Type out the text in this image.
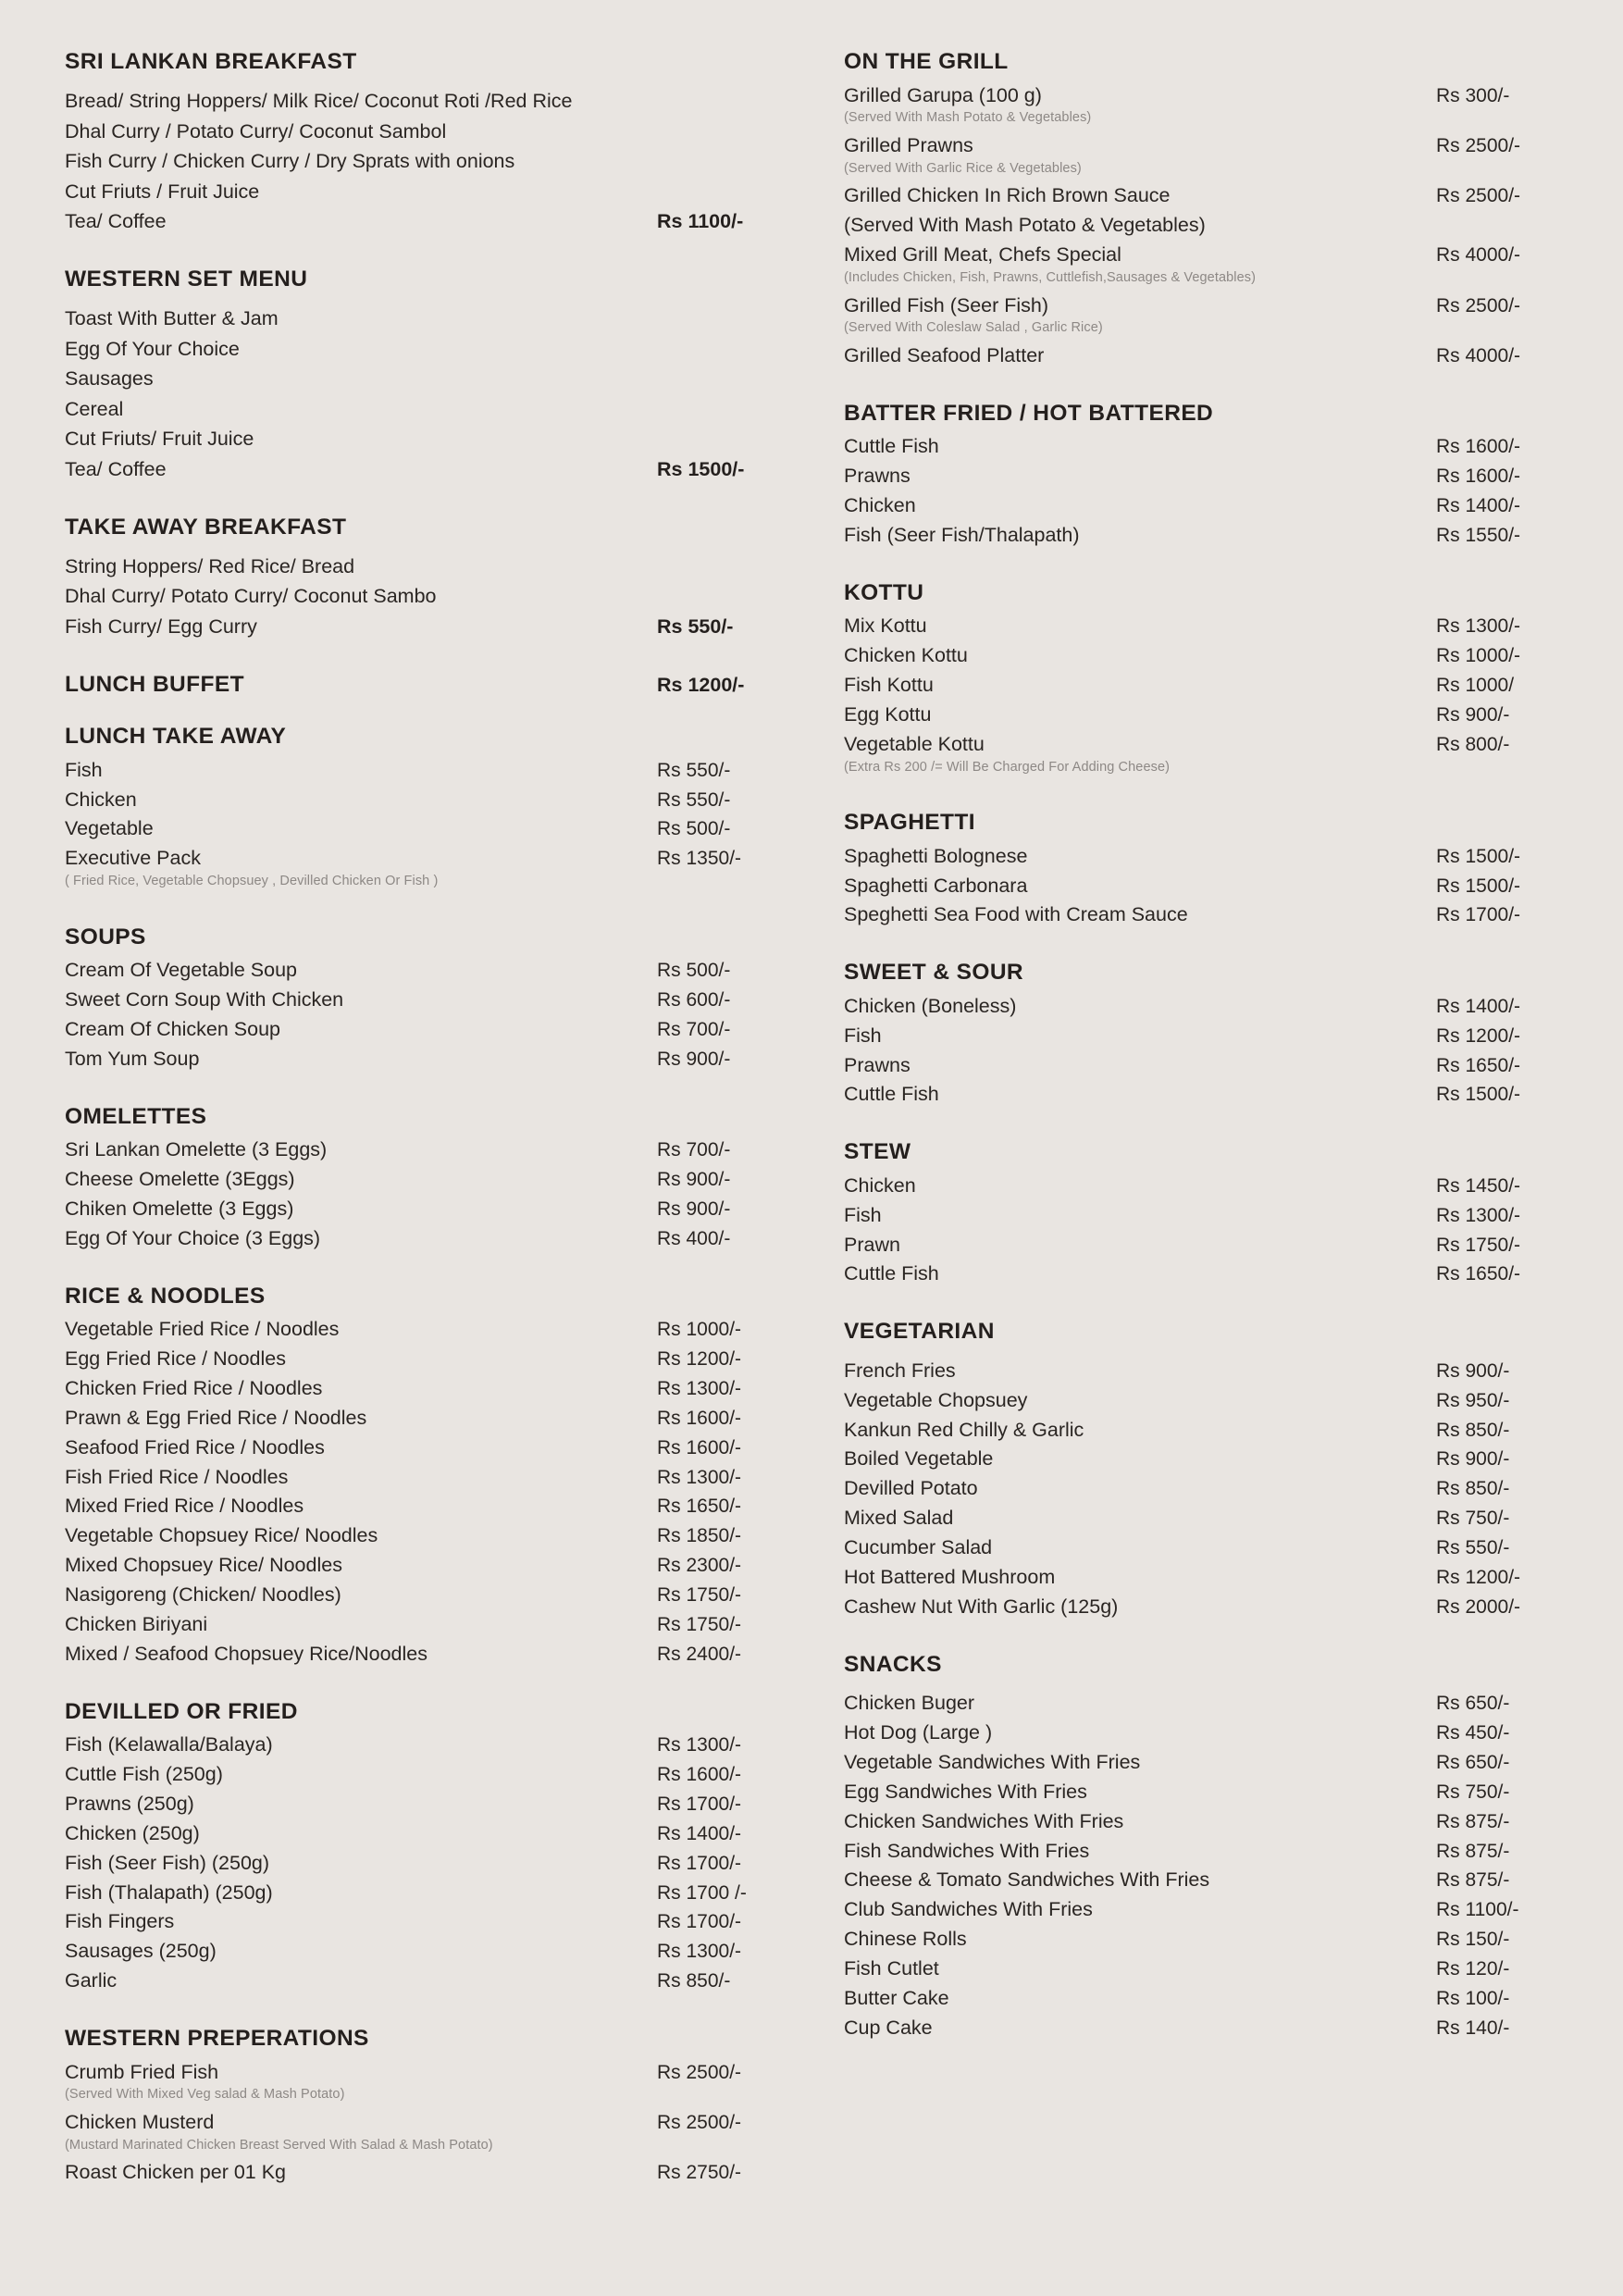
SRI LANKAN BREAKFAST
Bread/ String Hoppers/ Milk Rice/ Coconut Roti /Red Rice
Dhal Curry / Potato Curry/ Coconut Sambol
Fish Curry / Chicken Curry / Dry Sprats with onions
Cut Friuts / Fruit Juice
Tea/ Coffee	Rs 1100/-
WESTERN SET MENU
Toast With Butter & Jam
Egg Of Your Choice
Sausages
Cereal
Cut Friuts/ Fruit Juice
Tea/ Coffee	Rs 1500/-
TAKE AWAY BREAKFAST
String Hoppers/ Red Rice/ Bread
Dhal Curry/ Potato Curry/ Coconut Sambo
Fish Curry/ Egg Curry	Rs 550/-
LUNCH BUFFET	Rs 1200/-
LUNCH TAKE AWAY
Fish	Rs 550/-
Chicken	Rs 550/-
Vegetable	Rs 500/-
Executive Pack	Rs 1350/-
( Fried Rice, Vegetable Chopsuey , Devilled Chicken Or Fish )
SOUPS
Cream Of Vegetable Soup	Rs 500/-
Sweet Corn Soup With Chicken	Rs 600/-
Cream Of Chicken Soup	Rs 700/-
Tom Yum Soup	Rs 900/-
OMELETTES
Sri Lankan Omelette (3 Eggs)	Rs 700/-
Cheese Omelette (3Eggs)	Rs 900/-
Chiken Omelette (3 Eggs)	Rs 900/-
Egg Of Your Choice (3 Eggs)	Rs 400/-
RICE & NOODLES
Vegetable Fried Rice / Noodles	Rs 1000/-
Egg Fried Rice / Noodles	Rs 1200/-
Chicken Fried Rice / Noodles	Rs 1300/-
Prawn & Egg Fried Rice / Noodles	Rs 1600/-
Seafood Fried Rice / Noodles	Rs 1600/-
Fish Fried Rice / Noodles	Rs 1300/-
Mixed Fried Rice / Noodles	Rs 1650/-
Vegetable Chopsuey Rice/ Noodles	Rs 1850/-
Mixed Chopsuey Rice/ Noodles	Rs 2300/-
Nasigoreng (Chicken/ Noodles)	Rs 1750/-
Chicken Biriyani	Rs 1750/-
Mixed / Seafood Chopsuey Rice/Noodles	Rs 2400/-
DEVILLED OR FRIED
Fish (Kelawalla/Balaya)	Rs 1300/-
Cuttle Fish (250g)	Rs 1600/-
Prawns (250g)	Rs 1700/-
Chicken (250g)	Rs 1400/-
Fish (Seer Fish) (250g)	Rs 1700/-
Fish (Thalapath) (250g)	Rs 1700 /-
Fish Fingers	Rs 1700/-
Sausages (250g)	Rs 1300/-
Garlic	Rs 850/-
WESTERN PREPERATIONS
Crumb Fried Fish	Rs 2500/-
(Served With Mixed Veg salad & Mash Potato)
Chicken Musterd	Rs 2500/-
(Mustard Marinated Chicken Breast Served With Salad & Mash Potato)
Roast Chicken per 01 Kg	Rs 2750/-
ON THE GRILL
Grilled Garupa (100 g)	Rs 300/-
(Served With Mash Potato & Vegetables)
Grilled Prawns	Rs 2500/-
(Served With Garlic Rice & Vegetables)
Grilled Chicken In Rich Brown Sauce	Rs 2500/-
(Served With Mash Potato & Vegetables)
Mixed Grill Meat, Chefs Special	Rs 4000/-
(Includes Chicken, Fish, Prawns, Cuttlefish,Sausages & Vegetables)
Grilled Fish (Seer Fish)	Rs 2500/-
(Served With Coleslaw Salad , Garlic Rice)
Grilled Seafood Platter	Rs 4000/-
BATTER FRIED / HOT BATTERED
Cuttle Fish	Rs 1600/-
Prawns	Rs 1600/-
Chicken	Rs 1400/-
Fish (Seer Fish/Thalapath)	Rs 1550/-
KOTTU
Mix Kottu	Rs 1300/-
Chicken Kottu	Rs 1000/-
Fish Kottu	Rs 1000/
Egg Kottu	Rs 900/-
Vegetable Kottu	Rs 800/-
(Extra Rs 200 /= Will Be Charged For Adding Cheese)
SPAGHETTI
Spaghetti Bolognese	Rs 1500/-
Spaghetti Carbonara	Rs 1500/-
Speghetti Sea Food with Cream Sauce	Rs 1700/-
SWEET & SOUR
Chicken (Boneless)	Rs 1400/-
Fish	Rs 1200/-
Prawns	Rs 1650/-
Cuttle Fish	Rs 1500/-
STEW
Chicken	Rs 1450/-
Fish	Rs 1300/-
Prawn	Rs 1750/-
Cuttle Fish	Rs 1650/-
VEGETARIAN
French Fries	Rs 900/-
Vegetable Chopsuey	Rs 950/-
Kankun Red Chilly & Garlic	Rs 850/-
Boiled Vegetable	Rs 900/-
Devilled Potato	Rs 850/-
Mixed Salad	Rs 750/-
Cucumber Salad	Rs 550/-
Hot Battered Mushroom	Rs 1200/-
Cashew Nut With Garlic (125g)	Rs 2000/-
SNACKS
Chicken Buger	Rs 650/-
Hot Dog (Large )	Rs 450/-
Vegetable Sandwiches With Fries	Rs 650/-
Egg Sandwiches With Fries	Rs 750/-
Chicken Sandwiches With Fries	Rs 875/-
Fish Sandwiches With Fries	Rs 875/-
Cheese & Tomato Sandwiches With Fries	Rs 875/-
Club Sandwiches With Fries	Rs 1100/-
Chinese Rolls	Rs 150/-
Fish Cutlet	Rs 120/-
Butter Cake	Rs 100/-
Cup Cake	Rs 140/-
